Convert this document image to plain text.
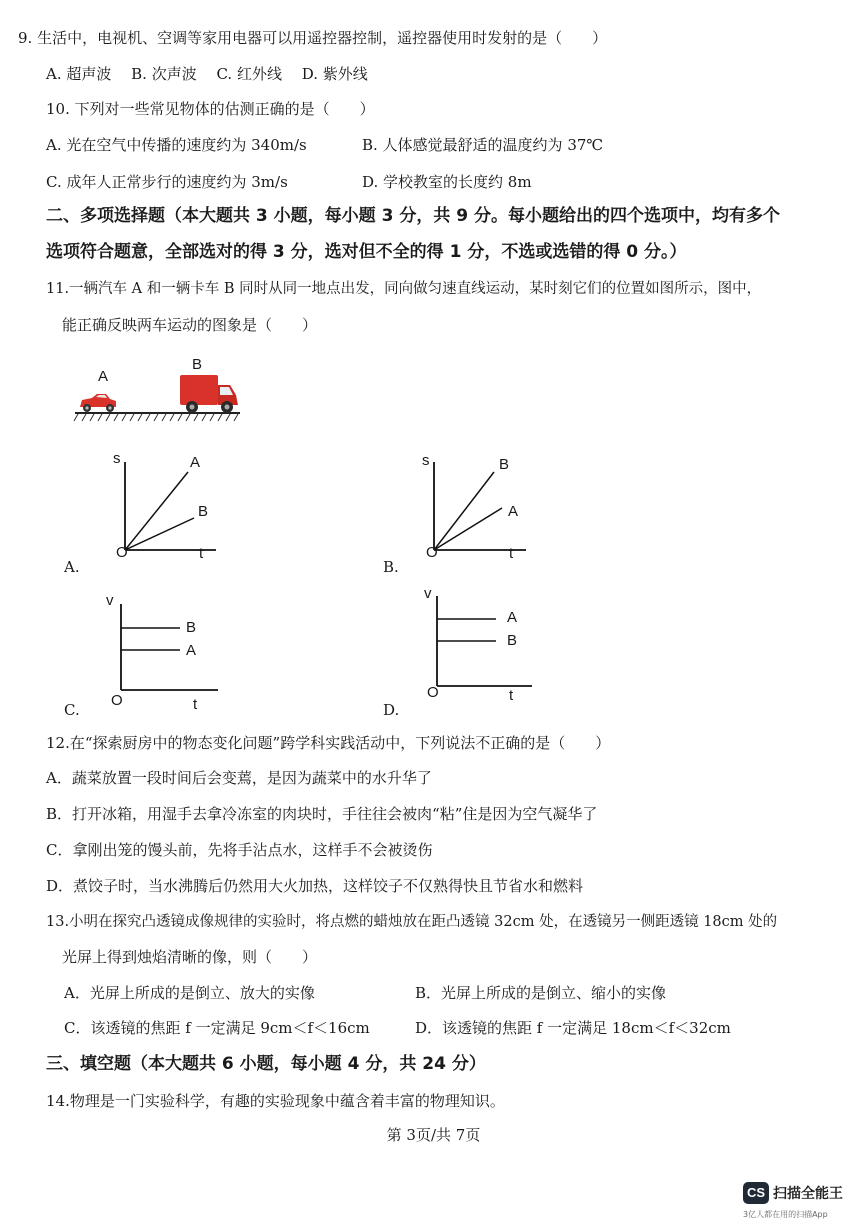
9. 生活中，电视机、空调等家用电器可以用遥控器控制，遥控器使用时发射的是（　　）
A. 超声波　 B. 次声波　 C. 红外线　 D. 紫外线
10. 下列对一些常见物体的估测正确的是（　　）
A. 光在空气中传播的速度约为 340m/s	B. 人体感觉最舒适的温度约为 37℃
C. 成年人正常步行的速度约为 3m/s	D. 学校教室的长度约 8m
二、多项选择题（本大题共 3 小题，每小题 3 分，共 9 分。每小题给出的四个选项中，均有多个
选项符合题意，全部选对的得 3 分，选对但不全的得 1 分，不选或选错的得 0 分。）
11.一辆汽车 A 和一辆卡车 B 同时从同一地点出发，同向做匀速直线运动，某时刻它们的位置如图所示，图中，
能正确反映两车运动的图象是（　　）
A
B
s	A
B
O	t
A.
s	B
A
O	t
B.
v
B
A
O	t
C.
v
A
B
O	t
D.
12.在“探索厨房中的物态变化问题”跨学科实践活动中，下列说法不正确的是（　　）
A．蔬菜放置一段时间后会变蔫，是因为蔬菜中的水升华了
B．打开冰箱，用湿手去拿冷冻室的肉块时，手往往会被肉“粘”住是因为空气凝华了
C．拿刚出笼的馒头前，先将手沾点水，这样手不会被烫伤
D．煮饺子时，当水沸腾后仍然用大火加热，这样饺子不仅熟得快且节省水和燃料
13.小明在探究凸透镜成像规律的实验时，将点燃的蜡烛放在距凸透镜 32cm 处，在透镜另一侧距透镜 18cm 处的
光屏上得到烛焰清晰的像，则（　　）
A．光屏上所成的是倒立、放大的实像	B．光屏上所成的是倒立、缩小的实像
C．该透镜的焦距 f 一定满足 9cm＜f＜16cm	D．该透镜的焦距 f 一定满足 18cm＜f＜32cm
三、填空题（本大题共 6 小题，每小题 4 分，共 24 分）
14.物理是一门实验科学，有趣的实验现象中蕴含着丰富的物理知识。
第 3页/共 7页
CS 扫描全能王
3亿人都在用的扫描App
